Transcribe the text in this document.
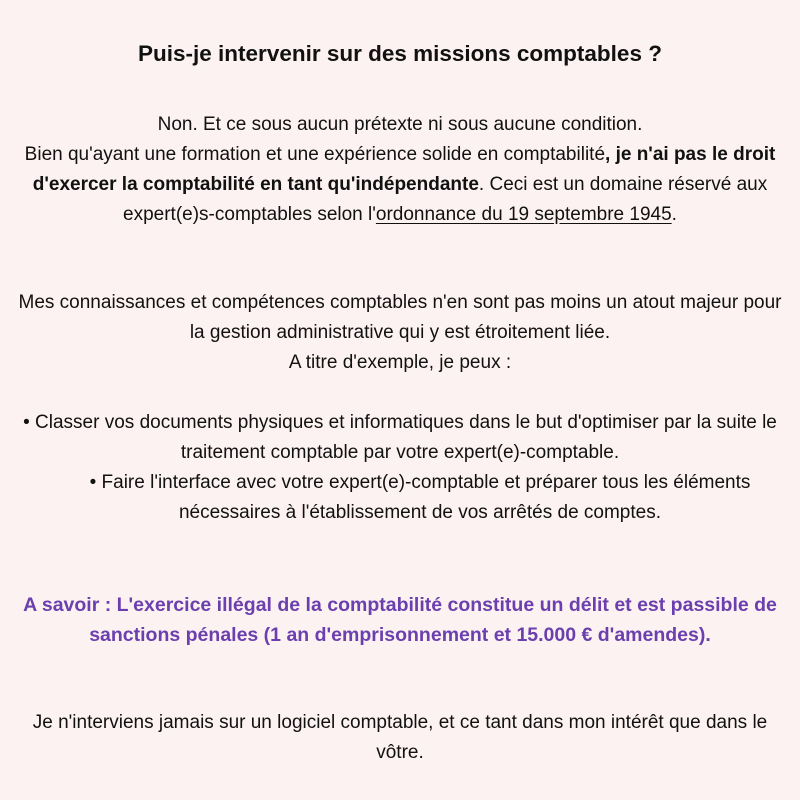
Puis-je intervenir sur des missions comptables ?

Non. Et ce sous aucun prétexte ni sous aucune condition.
Bien qu'ayant une formation et une expérience solide en comptabilité, je n'ai pas le droit d'exercer la comptabilité en tant qu'indépendante. Ceci est un domaine réservé aux expert(e)s-comptables selon l'ordonnance du 19 septembre 1945.

Mes connaissances et compétences comptables n'en sont pas moins un atout majeur pour la gestion administrative qui y est étroitement liée.
A titre d'exemple, je peux :

• Classer vos documents physiques et informatiques dans le but d'optimiser par la suite le traitement comptable par votre expert(e)-comptable.
• Faire l'interface avec votre expert(e)-comptable et préparer tous les éléments nécessaires à l'établissement de vos arrêtés de comptes.

A savoir : L'exercice illégal de la comptabilité constitue un délit et est passible de sanctions pénales (1 an d'emprisonnement et 15.000 € d'amendes).

Je n'interviens jamais sur un logiciel comptable, et ce tant dans mon intérêt que dans le vôtre.
